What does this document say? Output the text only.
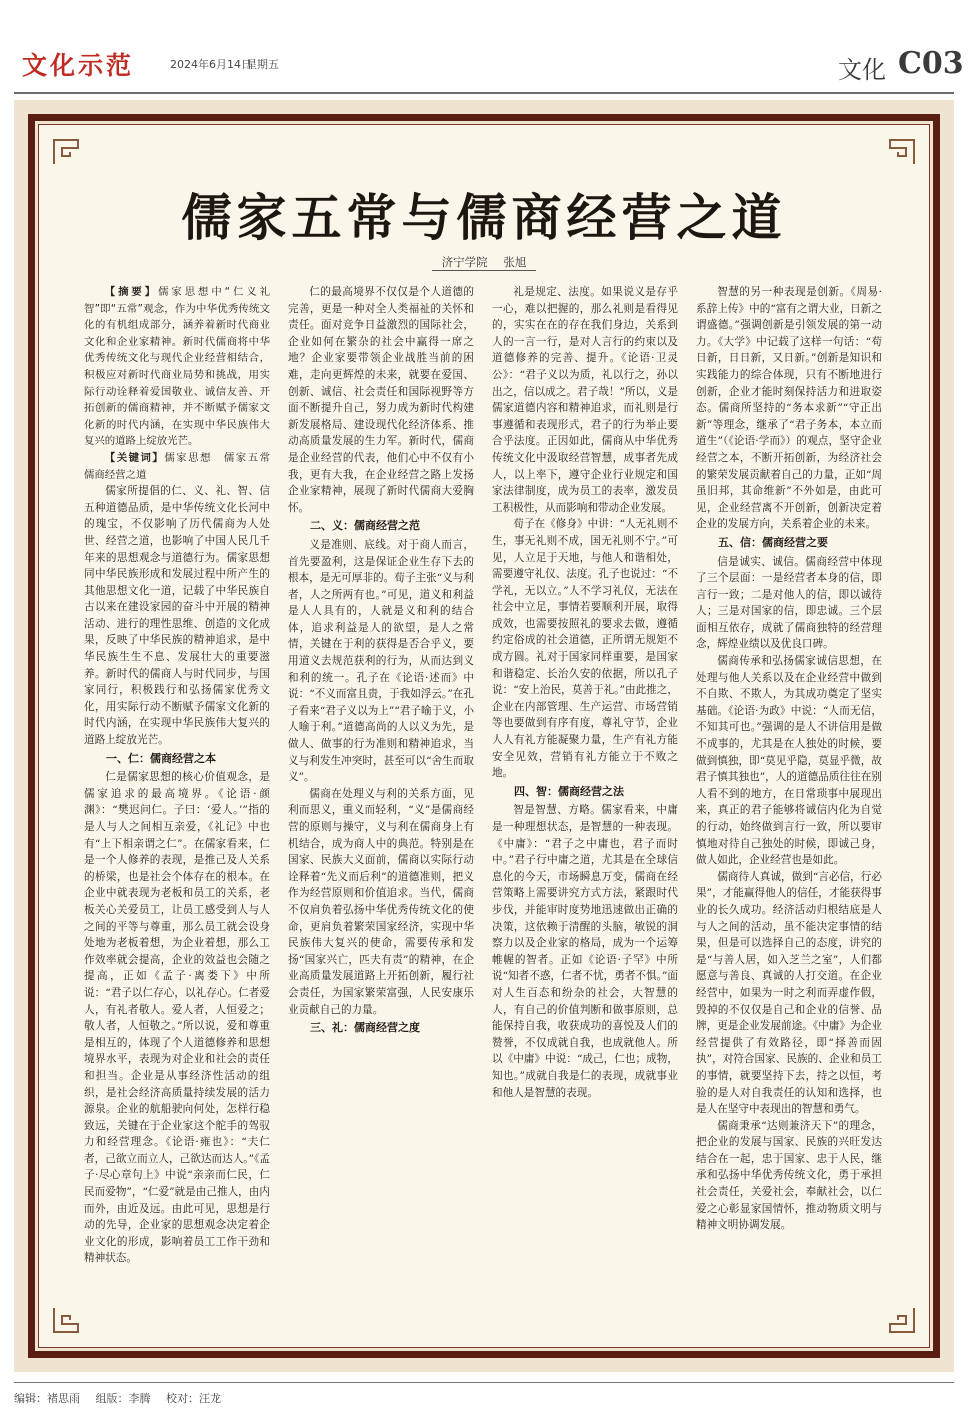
文化示范	2024年6月14日
星期五	文化 C03
儒家五常与儒商经营之道
济宁学院 张旭

【摘要】儒家思想中“仁义礼智”即“五常”观念，作为中华优秀传统文化的有机组成部分，涵养着新时代商业文化和企业家精神。新时代儒商将中华优秀传统文化与现代企业经营相结合，积极应对新时代商业局势和挑战，用实际行动诠释着爱国敬业、诚信友善、开拓创新的儒商精神，并不断赋予儒家文化新的时代内涵，在实现中华民族伟大复兴的道路上绽放光芒。

【关键词】儒家思想　儒家五常　儒商经营之道

儒家所提倡的仁、义、礼、智、信五种道德品质，是中华传统文化长河中的瑰宝，不仅影响了历代儒商为人处世、经营之道，也影响了中国人民几千年来的思想观念与道德行为。儒家思想同中华民族形成和发展过程中所产生的其他思想文化一道，记载了中华民族自古以来在建设家园的奋斗中开展的精神活动、进行的理性思维、创造的文化成果，反映了中华民族的精神追求，是中华民族生生不息、发展壮大的重要滋养。新时代的儒商人与时代同步，与国家同行，积极践行和弘扬儒家优秀文化，用实际行动不断赋予儒家文化新的时代内涵，在实现中华民族伟大复兴的道路上绽放光芒。

一、仁：儒商经营之本

仁是儒家思想的核心价值观念，是儒家追求的最高境界。《论语·颜渊》：“樊迟问仁。子曰：‘爱人。’”指的是人与人之间相互亲爱，《礼记》中也有“上下相亲谓之仁”。在儒家看来，仁是一个人修养的表现，是推己及人关系的桥梁，也是社会个体存在的根本。在企业中就表现为老板和员工的关系，老板关心关爱员工，让员工感受到人与人之间的平等与尊重，那么员工就会设身处地为老板着想，为企业着想，那么工作效率就会提高，企业的效益也会随之提高，正如《孟子·离娄下》中所说：“君子以仁存心，以礼存心。仁者爱人，有礼者敬人。爱人者，人恒爱之；敬人者，人恒敬之。”所以说，爱和尊重是相互的，体现了个人道德修养和思想境界水平，表现为对企业和社会的责任和担当。企业是从事经济性活动的组织，是社会经济高质量持续发展的活力源泉。企业的航船驶向何处，怎样行稳致远，关键在于企业家这个舵手的驾驭力和经营理念。《论语·雍也》：“夫仁者，己欲立而立人，己欲达而达人。”《孟子·尽心章句上》中说“亲亲而仁民，仁民而爱物”，“仁爱”就是由己推人，由内而外，由近及远。由此可见，思想是行动的先导，企业家的思想观念决定着企业文化的形成，影响着员工工作干劲和精神状态。

仁的最高境界不仅仅是个人道德的完善，更是一种对全人类福祉的关怀和责任。面对竞争日益激烈的国际社会，企业如何在繁杂的社会中赢得一席之地？企业家要带领企业战胜当前的困难，走向更辉煌的未来，就要在爱国、创新、诚信、社会责任和国际视野等方面不断提升自己，努力成为新时代构建新发展格局、建设现代化经济体系、推动高质量发展的生力军。新时代，儒商是企业经营的代表，他们心中不仅有小我，更有大我，在企业经营之路上发扬企业家精神，展现了新时代儒商大爱胸怀。

二、义：儒商经营之范

义是准则、底线。对于商人而言，首先要盈利，这是保证企业生存下去的根本，是无可厚非的。荀子主张“义与利者，人之所两有也。”可见，道义和利益是人人具有的，人就是义和利的结合体，追求利益是人的欲望，是人之常情，关键在于利的获得是否合乎义，要用道义去规范获利的行为，从而达到义和利的统一。孔子在《论语·述而》中说：“不义而富且贵，于我如浮云。”在孔子看来“君子义以为上”“君子喻于义，小人喻于利。”道德高尚的人以义为先，是做人、做事的行为准则和精神追求，当义与利发生冲突时，甚至可以“舍生而取义”。

儒商在处理义与利的关系方面，见利而思义，重义而轻利，“义”是儒商经营的原则与操守，义与利在儒商身上有机结合，成为商人中的典范。特别是在国家、民族大义面前，儒商以实际行动诠释着“先义而后利”的道德准则，把义作为经营原则和价值追求。当代，儒商不仅肩负着弘扬中华优秀传统文化的使命，更肩负着繁荣国家经济，实现中华民族伟大复兴的使命，需要传承和发扬“国家兴亡，匹夫有责”的精神，在企业高质量发展道路上开拓创新，履行社会责任，为国家繁荣富强，人民安康乐业贡献自己的力量。

三、礼：儒商经营之度

礼是规定、法度。如果说义是存乎一心，难以把握的，那么礼则是看得见的，实实在在的存在我们身边，关系到人的一言一行，是对人言行的约束以及道德修养的完善、提升。《论语·卫灵公》：“君子义以为质，礼以行之，孙以出之，信以成之。君子哉！”所以，义是儒家道德内容和精神追求，而礼则是行事遵循和表现形式，君子的行为举止要合乎法度。正因如此，儒商从中华优秀传统文化中汲取经营智慧，成事者先成人，以上率下，遵守企业行业规定和国家法律制度，成为员工的表率，激发员工积极性，从而影响和带动企业发展。

荀子在《修身》中讲：“人无礼则不生，事无礼则不成，国无礼则不宁。”可见，人立足于天地，与他人和谐相处，需要遵守礼仪、法度。孔子也说过：“不学礼，无以立。”人不学习礼仪，无法在社会中立足，事情若要顺利开展，取得成效，也需要按照礼的要求去做，遵循约定俗成的社会道德，正所谓无规矩不成方圆。礼对于国家同样重要，是国家和谐稳定、长治久安的依据，所以孔子说：“安上治民，莫善于礼。”由此推之，企业在内部管理、生产运营、市场营销等也要做到有序有度，尊礼守节，企业人人有礼方能凝聚力量，生产有礼方能安全见效，营销有礼方能立于不败之地。

四、智：儒商经营之法

智是智慧、方略。儒家看来，中庸是一种理想状态，是智慧的一种表现。《中庸》：“君子之中庸也，君子而时中。”君子行中庸之道，尤其是在全球信息化的今天，市场瞬息万变，儒商在经营策略上需要讲究方式方法，紧跟时代步伐，并能审时度势地迅速做出正确的决策，这依赖于清醒的头脑，敏锐的洞察力以及企业家的格局，成为一个运筹帷幄的智者。正如《论语·子罕》中所说“知者不惑，仁者不忧，勇者不惧。”面对人生百态和纷杂的社会，大智慧的人，有自己的价值判断和做事原则，总能保持自我，收获成功的喜悦及人们的赞誉，不仅成就自我，也成就他人。所以《中庸》中说：“成己，仁也；成物，知也。”成就自我是仁的表现，成就事业和他人是智慧的表现。

智慧的另一种表现是创新。《周易·系辞上传》中的“富有之谓大业，日新之谓盛德。”强调创新是引领发展的第一动力。《大学》中记载了这样一句话：“苟日新，日日新，又日新。”创新是知识和实践能力的综合体现，只有不断地进行创新，企业才能时刻保持活力和进取姿态。儒商所坚持的“务本求新”“守正出新”等理念，继承了“君子务本，本立而道生”（《论语·学而》）的观点，坚守企业经营之本，不断开拓创新，为经济社会的繁荣发展贡献着自己的力量，正如“周虽旧邦，其命维新”不外如是，由此可见，企业经营离不开创新，创新决定着企业的发展方向，关系着企业的未来。

五、信：儒商经营之要

信是诚实、诚信。儒商经营中体现了三个层面：一是经营者本身的信，即言行一致；二是对他人的信，即以诚待人；三是对国家的信，即忠诚。三个层面相互依存，成就了儒商独特的经营理念，辉煌业绩以及优良口碑。

儒商传承和弘扬儒家诚信思想，在处理与他人关系以及在企业经营中做到不自欺、不欺人，为其成功奠定了坚实基础。《论语·为政》中说：“人而无信，不知其可也。”强调的是人不讲信用是做不成事的，尤其是在人独处的时候，要做到慎独，即“莫见乎隐，莫显乎微，故君子慎其独也”，人的道德品质往往在别人看不到的地方，在日常琐事中展现出来，真正的君子能够将诚信内化为自觉的行动，始终做到言行一致，所以要审慎地对待自己独处的时候，即诚己身，做人如此，企业经营也是如此。

儒商待人真诚，做到“言必信，行必果”，才能赢得他人的信任，才能获得事业的长久成功。经济活动归根结底是人与人之间的活动，虽不能决定事情的结果，但是可以选择自己的态度，讲究的是“与善人居，如入芝兰之室”，人们都愿意与善良、真诚的人打交道。在企业经营中，如果为一时之利而弄虚作假，毁掉的不仅仅是自己和企业的信誉、品牌，更是企业发展前途。《中庸》为企业经营提供了有效路径，即“择善而固执”，对符合国家、民族的、企业和员工的事情，就要坚持下去，持之以恒，考验的是人对自我责任的认知和选择，也是人在坚守中表现出的智慧和勇气。

儒商秉承“达则兼济天下”的理念，把企业的发展与国家、民族的兴旺发达结合在一起，忠于国家、忠于人民，继承和弘扬中华优秀传统文化，勇于承担社会责任，关爱社会，奉献社会，以仁爱之心彰显家国情怀，推动物质文明与精神文明协调发展。

编辑：褚思雨 组版：李腾 校对：汪龙
